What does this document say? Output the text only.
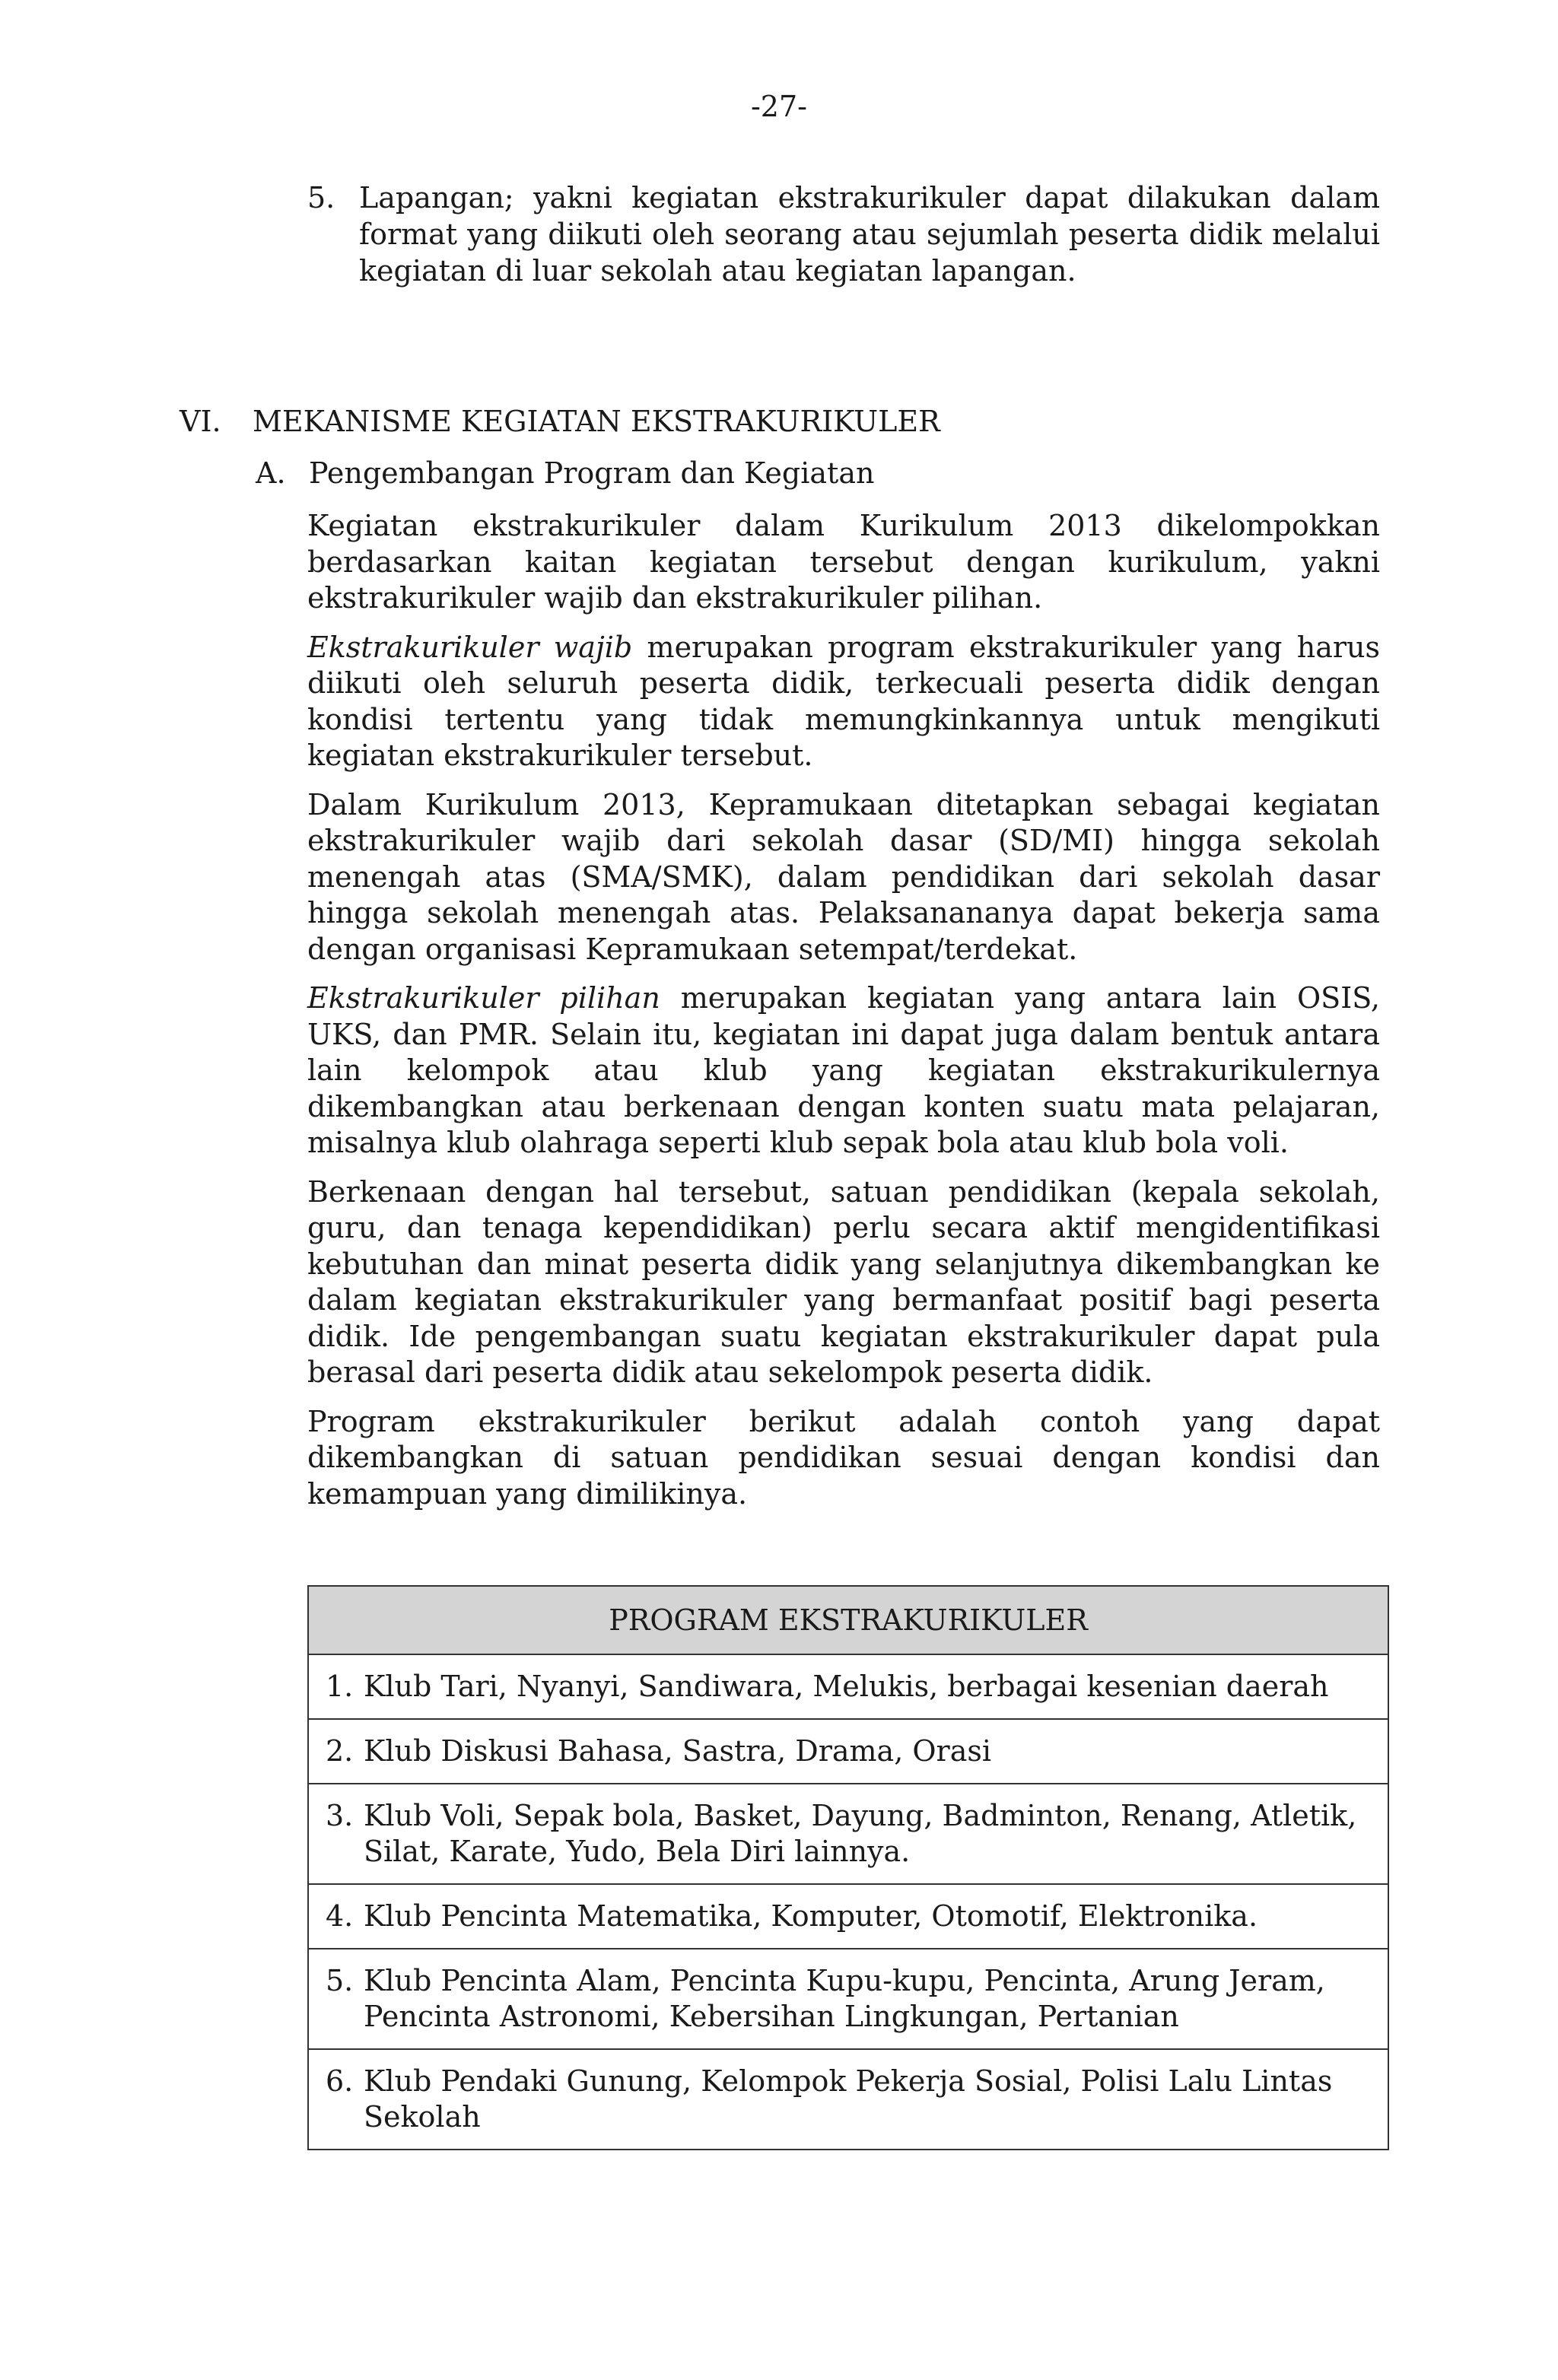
-27-
5. Lapangan; yakni kegiatan ekstrakurikuler dapat dilakukan dalam format yang diikuti oleh seorang atau sejumlah peserta didik melalui kegiatan di luar sekolah atau kegiatan lapangan.
VI. MEKANISME KEGIATAN EKSTRAKURIKULER
A. Pengembangan Program dan Kegiatan

Kegiatan ekstrakurikuler dalam Kurikulum 2013 dikelompokkan berdasarkan kaitan kegiatan tersebut dengan kurikulum, yakni ekstrakurikuler wajib dan ekstrakurikuler pilihan.

Ekstrakurikuler wajib merupakan program ekstrakurikuler yang harus diikuti oleh seluruh peserta didik, terkecuali peserta didik dengan kondisi tertentu yang tidak memungkinkannya untuk mengikuti kegiatan ekstrakurikuler tersebut.

Dalam Kurikulum 2013, Kepramukaan ditetapkan sebagai kegiatan ekstrakurikuler wajib dari sekolah dasar (SD/MI) hingga sekolah menengah atas (SMA/SMK), dalam pendidikan dari sekolah dasar hingga sekolah menengah atas. Pelaksanananya dapat bekerja sama dengan organisasi Kepramukaan setempat/terdekat.

Ekstrakurikuler pilihan merupakan kegiatan yang antara lain OSIS, UKS, dan PMR. Selain itu, kegiatan ini dapat juga dalam bentuk antara lain kelompok atau klub yang kegiatan ekstrakurikulernya dikembangkan atau berkenaan dengan konten suatu mata pelajaran, misalnya klub olahraga seperti klub sepak bola atau klub bola voli.

Berkenaan dengan hal tersebut, satuan pendidikan (kepala sekolah, guru, dan tenaga kependidikan) perlu secara aktif mengidentifikasi kebutuhan dan minat peserta didik yang selanjutnya dikembangkan ke dalam kegiatan ekstrakurikuler yang bermanfaat positif bagi peserta didik. Ide pengembangan suatu kegiatan ekstrakurikuler dapat pula berasal dari peserta didik atau sekelompok peserta didik.

Program ekstrakurikuler berikut adalah contoh yang dapat dikembangkan di satuan pendidikan sesuai dengan kondisi dan kemampuan yang dimilikinya.

PROGRAM EKSTRAKURIKULER
1. Klub Tari, Nyanyi, Sandiwara, Melukis, berbagai kesenian daerah
2. Klub Diskusi Bahasa, Sastra, Drama, Orasi
3. Klub Voli, Sepak bola, Basket, Dayung, Badminton, Renang, Atletik, Silat, Karate, Yudo, Bela Diri lainnya.
4. Klub Pencinta Matematika, Komputer, Otomotif, Elektronika.
5. Klub Pencinta Alam, Pencinta Kupu-kupu, Pencinta, Arung Jeram, Pencinta Astronomi, Kebersihan Lingkungan, Pertanian
6. Klub Pendaki Gunung, Kelompok Pekerja Sosial, Polisi Lalu Lintas Sekolah
